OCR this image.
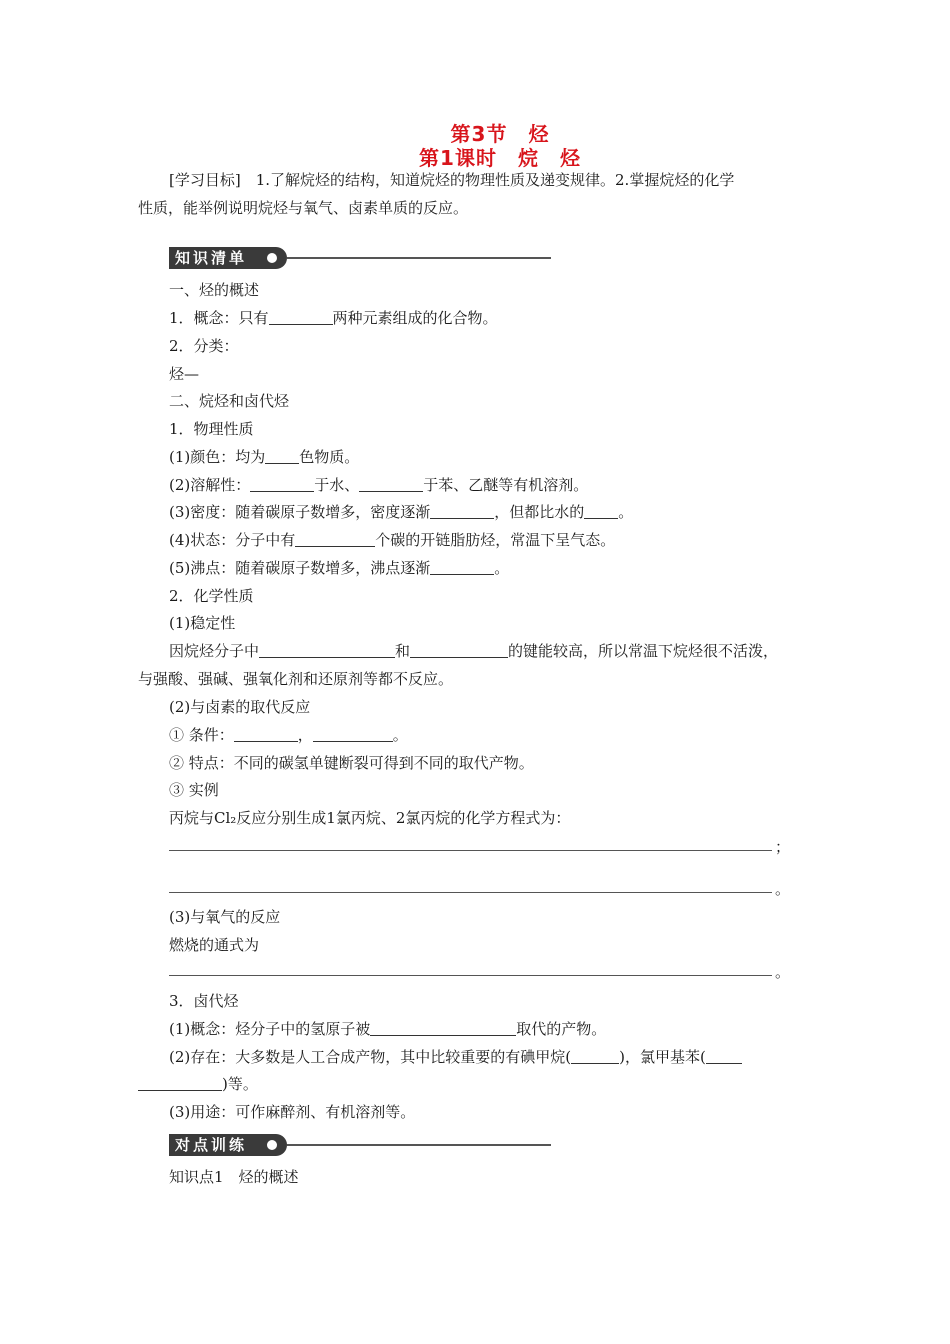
第3节　烃
第1课时　烷　烃
[学习目标]　1.了解烷烃的结构，知道烷烃的物理性质及递变规律。2.掌握烷烃的化学
性质，能举例说明烷烃与氧气、卤素单质的反应。
知识清单
一、烃的概述
1．概念：只有	两种元素组成的化合物。
2．分类：
烃—
二、烷烃和卤代烃
1．物理性质
(1)颜色：均为 色物质。
(2)溶解性：	于水、	于苯、乙醚等有机溶剂。
(3)密度：随着碳原子数增多，密度逐渐	，但都比水的 。
(4)状态：分子中有	个碳的开链脂肪烃，常温下呈气态。
(5)沸点：随着碳原子数增多，沸点逐渐	。
2．化学性质
(1)稳定性
因烷烃分子中	和	的键能较高，所以常温下烷烃很不活泼，
与强酸、强碱、强氧化剂和还原剂等都不反应。
(2)与卤素的取代反应
① 条件：	，	。
② 特点：不同的碳氢单键断裂可得到不同的取代产物。
③ 实例
丙烷与Cl₂反应分别生成1氯丙烷、2氯丙烷的化学方程式为：
；
。
(3)与氧气的反应
燃烧的通式为
。
3．卤代烃
(1)概念：烃分子中的氢原子被	取代的产物。
(2)存在：大多数是人工合成产物，其中比较重要的有碘甲烷(	)，氯甲基苯(
)等。
(3)用途：可作麻醉剂、有机溶剂等。
对点训练
知识点1　烃的概述
